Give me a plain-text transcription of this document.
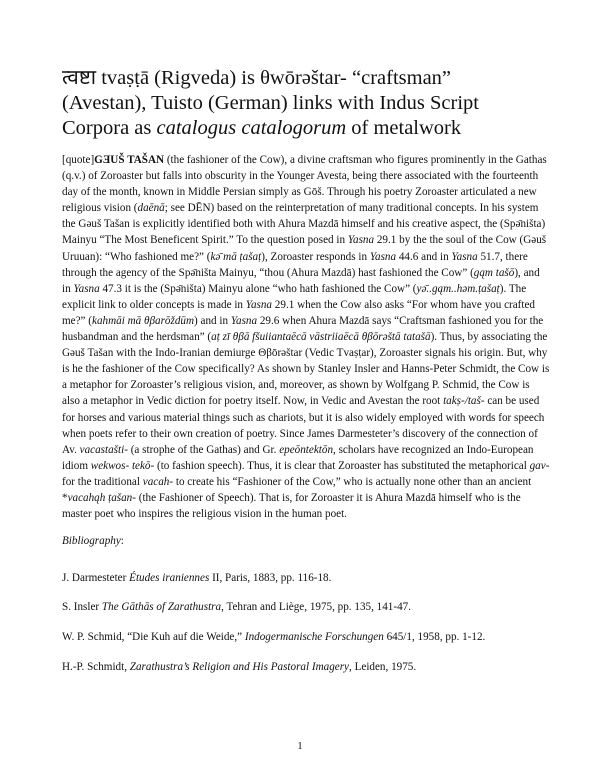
त्वष्टा tvaṣṭā (Rigveda) is θwōrəštar- “craftsman”
(Avestan), Tuisto (German) links with Indus Script
Corpora as catalogus catalogorum of metalwork
[quote]GƎUŠ TAŠAN (the fashioner of the Cow), a divine craftsman who figures prominently in the Gathas (q.v.) of Zoroaster but falls into obscurity in the Younger Avesta, being there associated with the fourteenth day of the month, known in Middle Persian simply as Gōš. Through his poetry Zoroaster articulated a new religious vision (daēnā; see DĒN) based on the reinterpretation of many traditional concepts. In his system the Gǝuš Tašan is explicitly identified both with Ahura Mazdā himself and his creative aspect, the (Spǝ̄ništa) Mainyu “The Most Beneficent Spirit.” To the question posed in Yasna 29.1 by the the soul of the Cow (Gǝuš Uruuan): “Who fashioned me?” (kǝ̄ mā ṭašaṭ), Zoroaster responds in Yasna 44.6 and in Yasna 51.7, there through the agency of the Spǝ̄ništa Mainyu, “thou (Ahura Mazdā) hast fashioned the Cow” (gąm tašō), and in Yasna 47.3 it is the (Spǝ̄ništa) Mainyu alone “who hath fashioned the Cow” (yǝ̄..gąm..hǝm.ṭašaṭ). The explicit link to older concepts is made in Yasna 29.1 when the Cow also asks “For whom have you crafted me?” (kahmāi mā θβarōždūm) and in Yasna 29.6 when Ahura Mazdā says “Craftsman fashioned you for the husbandman and the herdsman” (aṭ zī θβā fšuiiantaēcā vāstriiaēcā θβōrǝštā tatašā). Thus, by associating the Gǝuš Tašan with the Indo-Iranian demiurge Θβōrǝštar (Vedic Tvaṣṭar), Zoroaster signals his origin. But, why is he the fashioner of the Cow specifically? As shown by Stanley Insler and Hanns-Peter Schmidt, the Cow is a metaphor for Zoroaster’s religious vision, and, moreover, as shown by Wolfgang P. Schmid, the Cow is also a metaphor in Vedic diction for poetry itself. Now, in Vedic and Avestan the root takṣ-/taš- can be used for horses and various material things such as chariots, but it is also widely employed with words for speech when poets refer to their own creation of poetry. Since James Darmesteter’s discovery of the connection of Av. vacastašti- (a strophe of the Gathas) and Gr. epeōntektōn, scholars have recognized an Indo-European idiom wekwos- tekō- (to fashion speech). Thus, it is clear that Zoroaster has substituted the metaphorical gav- for the traditional vacah- to create his “Fashioner of the Cow,” who is actually none other than an ancient *vacahąh ṭašan- (the Fashioner of Speech). That is, for Zoroaster it is Ahura Mazdā himself who is the master poet who inspires the religious vision in the human poet.
Bibliography:
J. Darmesteter Études iraniennes II, Paris, 1883, pp. 116-18.
S. Insler The Gāthās of Zarathustra, Tehran and Liège, 1975, pp. 135, 141-47.
W. P. Schmid, “Die Kuh auf die Weide,” Indogermanische Forschungen 645/1, 1958, pp. 1-12.
H.-P. Schmidt, Zarathustra’s Religion and His Pastoral Imagery, Leiden, 1975.
1
